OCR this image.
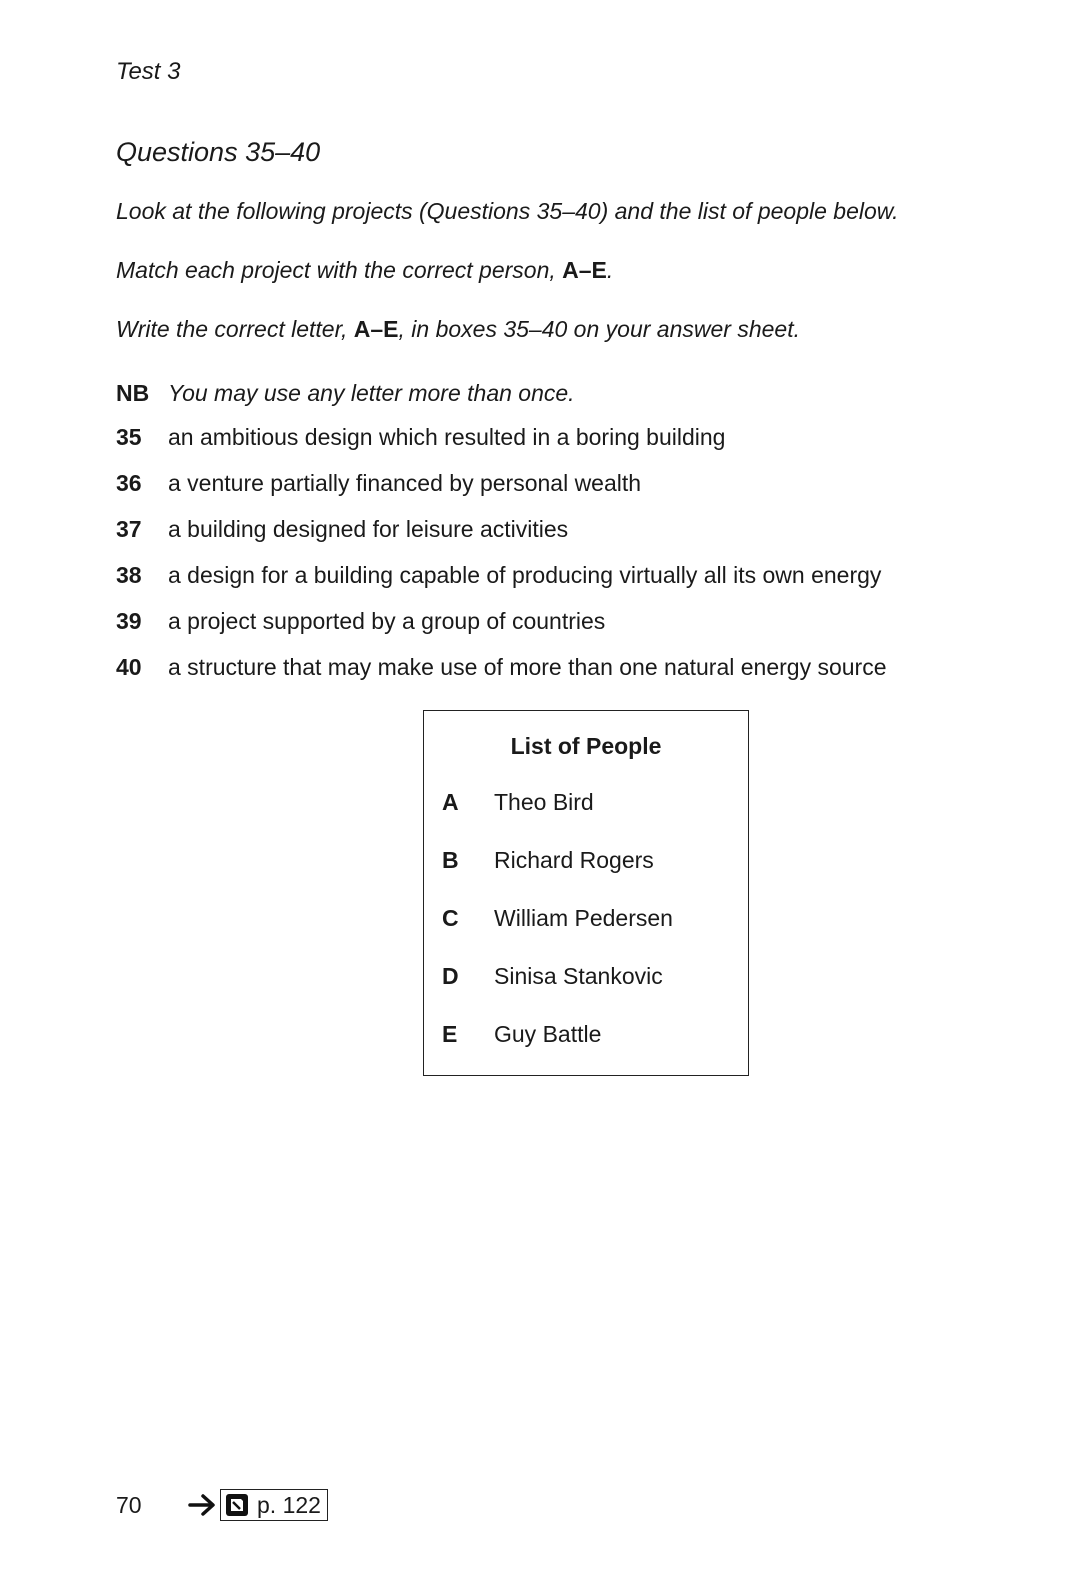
Test 3
Questions 35–40
Look at the following projects (Questions 35–40) and the list of people below.
Match each project with the correct person, A–E.
Write the correct letter, A–E, in boxes 35–40 on your answer sheet.
NB You may use any letter more than once.
35	an ambitious design which resulted in a boring building
36	a venture partially financed by personal wealth
37	a building designed for leisure activities
38	a design for a building capable of producing virtually all its own energy
39	a project supported by a group of countries
40	a structure that may make use of more than one natural energy source
List of People
A	Theo Bird
B	Richard Rogers
C	William Pedersen
D	Sinisa Stankovic
E	Guy Battle
70	p. 122
